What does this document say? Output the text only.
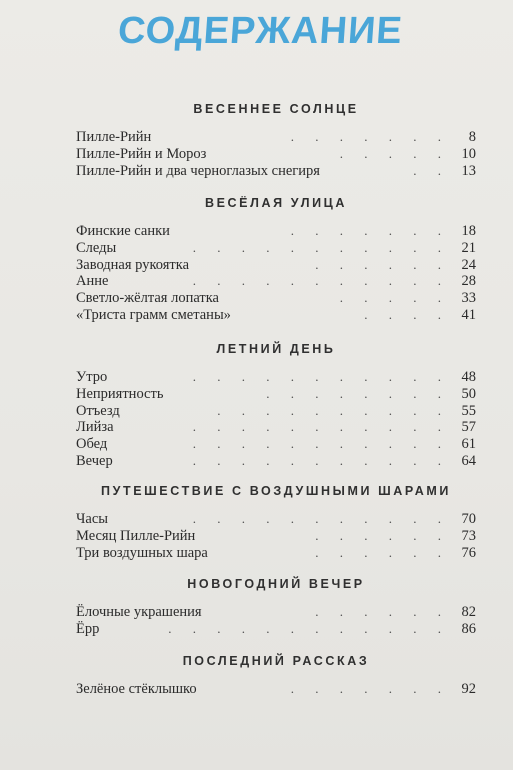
СОДЕРЖАНИЕ
ВЕСЕННЕЕ СОЛНЦЕ
. . . . . . .
Пилле-Рийн	8
. . . . .
Пилле-Рийн и Мороз	10
. .
Пилле-Рийн и два черноглазых снегиря	13
ВЕСЁЛАЯ УЛИЦА
. . . . . . .
Финские санки	18
. . . . . . . . . . .
Следы	21
. . . . . .
Заводная рукоятка	24
. . . . . . . . . . .
Анне	28
. . . . .
Светло-жёлтая лопатка	33
. . . .
«Триста грамм сметаны»	41
ЛЕТНИЙ ДЕНЬ
. . . . . . . . . . .
Утро	48
. . . . . . . .
Неприятность	50
. . . . . . . . . .
Отъезд	55
. . . . . . . . . . .
Лийза	57
. . . . . . . . . . .
Обед	61
. . . . . . . . . . .
Вечер	64
ПУТЕШЕСТВИЕ С ВОЗДУШНЫМИ ШАРАМИ
. . . . . . . . . . .
Часы	70
. . . . . .
Месяц Пилле-Рийн	73
. . . . . .
Три воздушных шара	76
НОВОГОДНИЙ ВЕЧЕР
. . . . . .
Ёлочные украшения	82
. . . . . . . . . . . .
Ёрр	86
ПОСЛЕДНИЙ РАССКАЗ
. . . . . . .
Зелёное стёклышко	92
